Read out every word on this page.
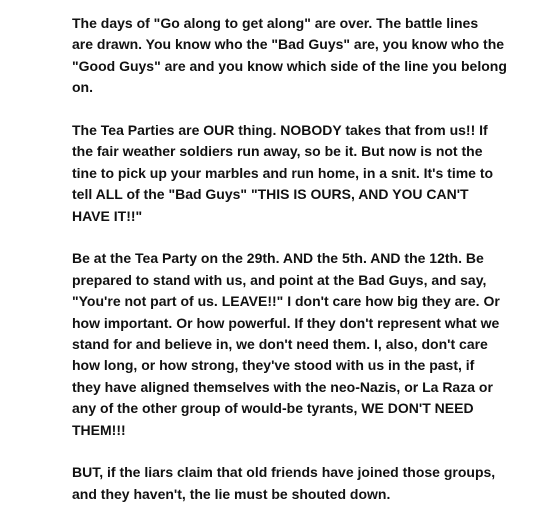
The days of "Go along to get along" are over. The battle lines
are drawn. You know who the "Bad Guys" are, you know who the
"Good Guys" are and you know which side of the line you belong
on.

The Tea Parties are OUR thing. NOBODY takes that from us!! If
the fair weather soldiers run away, so be it. But now is not the
tine to pick up your marbles and run home, in a snit. It's time to
tell ALL of the "Bad Guys" "THIS IS OURS, AND YOU CAN'T
HAVE IT!!"

Be at the Tea Party on the 29th. AND the 5th. AND the 12th. Be
prepared to stand with us, and point at the Bad Guys, and say,
"You're not part of us. LEAVE!!" I don't care how big they are. Or
how important. Or how powerful. If they don't represent what we
stand for and believe in, we don't need them. I, also, don't care
how long, or how strong, they've stood with us in the past, if
they have aligned themselves with the neo-Nazis, or La Raza or
any of the other group of would-be tyrants, WE DON'T NEED
THEM!!!

BUT, if the liars claim that old friends have joined those groups,
and they haven't, the lie must be shouted down.
